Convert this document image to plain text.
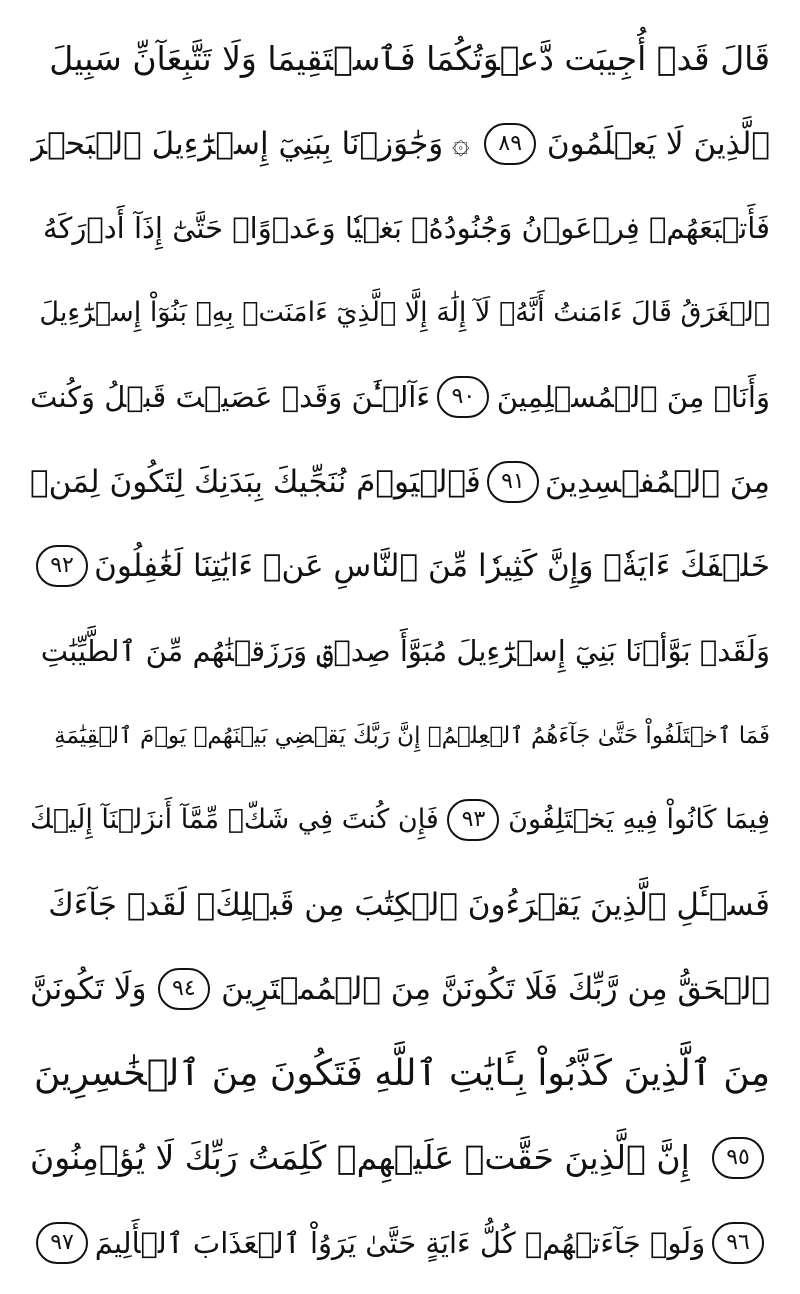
قَالَ قَدۡ أُجِيبَت دَّعۡوَتُكُمَا فَٱسۡتَقِيمَا وَلَا تَتَّبِعَآنِّ سَبِيلَ
ٱلَّذِينَ لَا يَعۡلَمُونَ
٨٩
۞
وَجَٰوَزۡنَا بِبَنِيٓ إِسۡرَٰٓءِيلَ ٱلۡبَحۡرَ
فَأَتۡبَعَهُمۡ فِرۡعَوۡنُ وَجُنُودُهُۥ بَغۡيٗا وَعَدۡوًاۖ حَتَّىٰٓ إِذَآ أَدۡرَكَهُ
ٱلۡغَرَقُ قَالَ ءَامَنتُ أَنَّهُۥ لَآ إِلَٰهَ إِلَّا ٱلَّذِيٓ ءَامَنَتۡ بِهِۦ بَنُوٓاْ إِسۡرَٰٓءِيلَ
وَأَنَا۠ مِنَ ٱلۡمُسۡلِمِينَ
٩٠
ءَآلۡـَٰٔنَ وَقَدۡ عَصَيۡتَ قَبۡلُ وَكُنتَ
مِنَ ٱلۡمُفۡسِدِينَ
٩١
فَٱلۡيَوۡمَ نُنَجِّيكَ بِبَدَنِكَ لِتَكُونَ لِمَنۡ
خَلۡفَكَ ءَايَةٗۚ وَإِنَّ كَثِيرٗا مِّنَ ٱلنَّاسِ عَنۡ ءَايَٰتِنَا لَغَٰفِلُونَ
٩٢
وَلَقَدۡ بَوَّأۡنَا بَنِيٓ إِسۡرَٰٓءِيلَ مُبَوَّأَ صِدۡقٖ وَرَزَقۡنَٰهُم مِّنَ ٱلطَّيِّبَٰتِ
فَمَا ٱخۡتَلَفُواْ حَتَّىٰ جَآءَهُمُ ٱلۡعِلۡمُۚ إِنَّ رَبَّكَ يَقۡضِي بَيۡنَهُمۡ يَوۡمَ ٱلۡقِيَٰمَةِ
فِيمَا كَانُواْ فِيهِ يَخۡتَلِفُونَ
٩٣
فَإِن كُنتَ فِي شَكّٖ مِّمَّآ أَنزَلۡنَآ إِلَيۡكَ
فَسۡـَٔلِ ٱلَّذِينَ يَقۡرَءُونَ ٱلۡكِتَٰبَ مِن قَبۡلِكَۚ لَقَدۡ جَآءَكَ
ٱلۡحَقُّ مِن رَّبِّكَ فَلَا تَكُونَنَّ مِنَ ٱلۡمُمۡتَرِينَ
٩٤
وَلَا تَكُونَنَّ
مِنَ ٱلَّذِينَ كَذَّبُواْ بِـَٔايَٰتِ ٱللَّهِ فَتَكُونَ مِنَ ٱلۡخَٰسِرِينَ
٩٥
إِنَّ ٱلَّذِينَ حَقَّتۡ عَلَيۡهِمۡ كَلِمَتُ رَبِّكَ لَا يُؤۡمِنُونَ
٩٦
وَلَوۡ جَآءَتۡهُمۡ كُلُّ ءَايَةٍ حَتَّىٰ يَرَوُاْ ٱلۡعَذَابَ ٱلۡأَلِيمَ
٩٧
